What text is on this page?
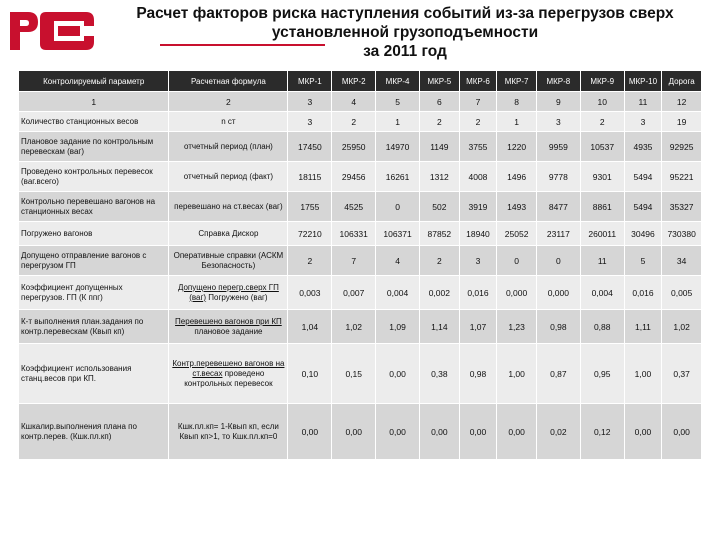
Расчет факторов риска наступления событий из-за перегрузов сверх
установленной грузоподъемности
за 2011 год
Контролируемый параметр	Расчетная формула	МКР-1	МКР-2	МКР-4	МКР-5	МКР-6	МКР-7	МКР-8	МКР-9	МКР-10	Дорога
1	2	3	4	5	6	7	8	9	10	11	12
Количество станционных весов	n ст	3	2	1	2	2	1	3	2	3	19
Плановое задание по контрольным перевескам (ваг)	отчетный период (план)	17450	25950	14970	1149	3755	1220	9959	10537	4935	92925
Проведено контрольных перевесок (ваг.всего)	отчетный период (факт)	18115	29456	16261	1312	4008	1496	9778	9301	5494	95221
Контрольно перевешано вагонов на станционных весах	перевешано на ст.весах (ваг)	1755	4525	0	502	3919	1493	8477	8861	5494	35327
Погружено вагонов	Справка Дискор	72210	106331	106371	87852	18940	25052	23117	260011	30496	730380
Допущено отправление вагонов с перегрузом ГП	Оперативные справки (АСКМ Безопасность)	2	7	4	2	3	0	0	11	5	34
Коэффициент допущенных перегрузов. ГП (К ппг)	Допущено перегр.сверх ГП (ваг) Погружено (ваг)	0,003	0,007	0,004	0,002	0,016	0,000	0,000	0,004	0,016	0,005
К-т выполнения план.задания по контр.перевескам (Квып кп)	Перевешено вагонов при КП плановое задание	1,04	1,02	1,09	1,14	1,07	1,23	0,98	0,88	1,11	1,02
Коэффициент использования станц.весов при КП.	Контр.перевешено вагонов на ст.весах проведено контрольных перевесок	0,10	0,15	0,00	0,38	0,98	1,00	0,87	0,95	1,00	0,37
Кшкалир.выполнения плана по контр.перев. (Кшк.пл.кп)	Кшк.пл.кп= 1-Квып кп, если Квып кп>1, то Кшк.пл.кп=0	0,00	0,00	0,00	0,00	0,00	0,00	0,02	0,12	0,00	0,00
